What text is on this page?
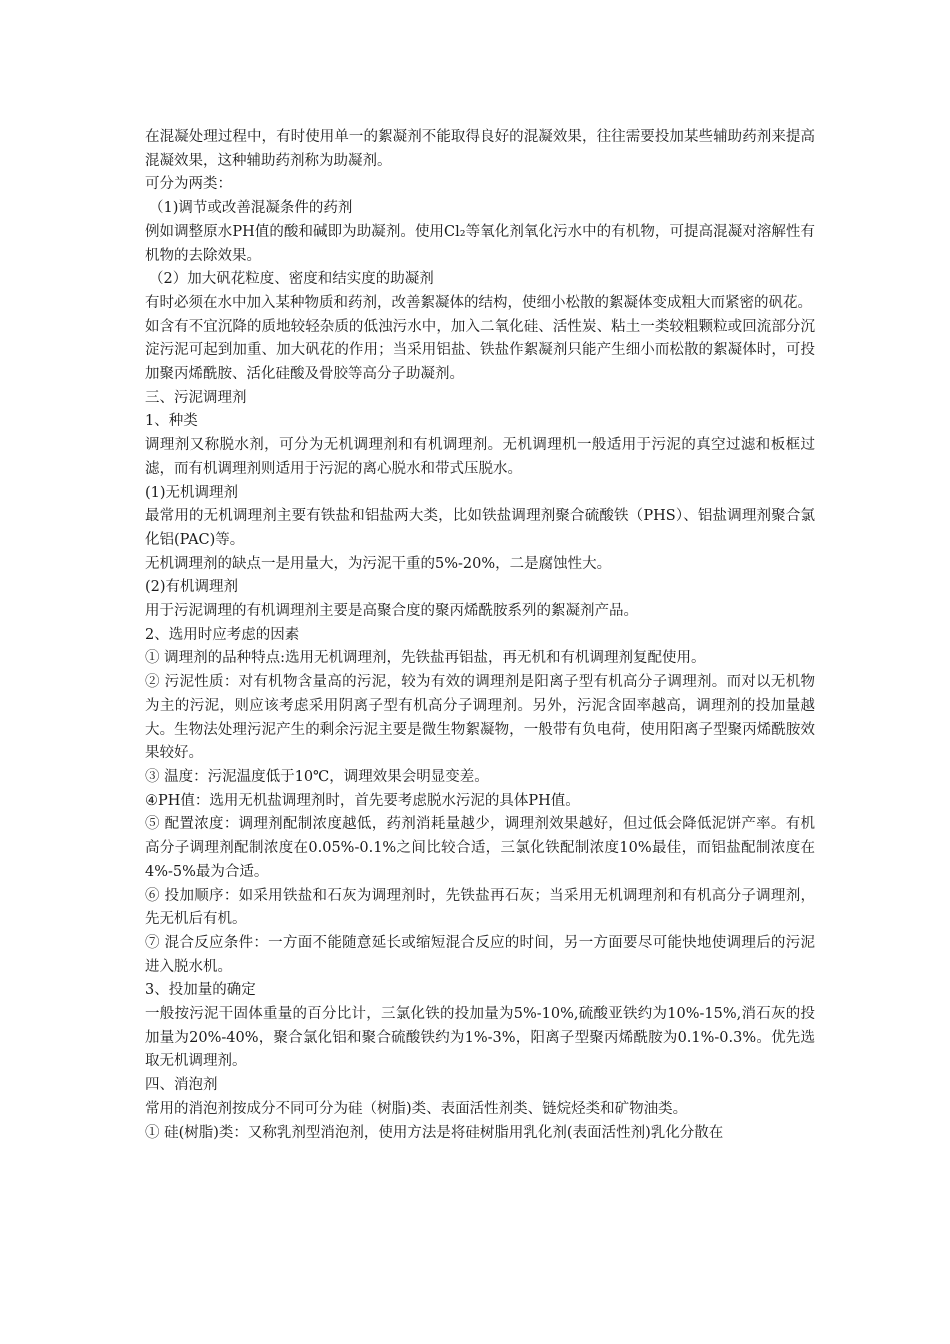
在混凝处理过程中，有时使用单一的絮凝剂不能取得良好的混凝效果，往往需要投加某些辅助药剂来提高混凝效果，这种辅助药剂称为助凝剂。

可分为两类：

（1)调节或改善混凝条件的药剂

例如调整原水PH值的酸和碱即为助凝剂。使用Cl₂等氧化剂氧化污水中的有机物，可提高混凝对溶解性有机物的去除效果。

（2）加大矾花粒度、密度和结实度的助凝剂

有时必须在水中加入某种物质和药剂，改善絮凝体的结构，使细小松散的絮凝体变成粗大而紧密的矾花。

如含有不宜沉降的质地较轻杂质的低浊污水中，加入二氧化硅、活性炭、粘土一类较粗颗粒或回流部分沉淀污泥可起到加重、加大矾花的作用；当采用铝盐、铁盐作絮凝剂只能产生细小而松散的絮凝体时，可投加聚丙烯酰胺、活化硅酸及骨胶等高分子助凝剂。

三、污泥调理剂

1、种类

调理剂又称脱水剂，可分为无机调理剂和有机调理剂。无机调理机一般适用于污泥的真空过滤和板框过滤，而有机调理剂则适用于污泥的离心脱水和带式压脱水。

(1)无机调理剂

最常用的无机调理剂主要有铁盐和铝盐两大类，比如铁盐调理剂聚合硫酸铁（PHS）、铝盐调理剂聚合氯化铝(PAC)等。

无机调理剂的缺点一是用量大，为污泥干重的5%-20%，二是腐蚀性大。

(2)有机调理剂

用于污泥调理的有机调理剂主要是高聚合度的聚丙烯酰胺系列的絮凝剂产品。

2、选用时应考虑的因素

① 调理剂的品种特点:选用无机调理剂，先铁盐再铝盐，再无机和有机调理剂复配使用。

② 污泥性质：对有机物含量高的污泥，较为有效的调理剂是阳离子型有机高分子调理剂。而对以无机物为主的污泥，则应该考虑采用阴离子型有机高分子调理剂。另外，污泥含固率越高，调理剂的投加量越大。生物法处理污泥产生的剩余污泥主要是微生物絮凝物，一般带有负电荷，使用阳离子型聚丙烯酰胺效果较好。

③ 温度：污泥温度低于10℃，调理效果会明显变差。

④PH值：选用无机盐调理剂时，首先要考虑脱水污泥的具体PH值。

⑤ 配置浓度：调理剂配制浓度越低，药剂消耗量越少，调理剂效果越好，但过低会降低泥饼产率。有机高分子调理剂配制浓度在0.05%-0.1%之间比较合适，三氯化铁配制浓度10%最佳，而铝盐配制浓度在4%-5%最为合适。

⑥ 投加顺序：如采用铁盐和石灰为调理剂时，先铁盐再石灰；当采用无机调理剂和有机高分子调理剂，先无机后有机。

⑦ 混合反应条件：一方面不能随意延长或缩短混合反应的时间，另一方面要尽可能快地使调理后的污泥进入脱水机。

3、投加量的确定

一般按污泥干固体重量的百分比计，三氯化铁的投加量为5%-10%,硫酸亚铁约为10%-15%,消石灰的投加量为20%-40%，聚合氯化铝和聚合硫酸铁约为1%-3%，阳离子型聚丙烯酰胺为0.1%-0.3%。优先选取无机调理剂。

四、消泡剂

常用的消泡剂按成分不同可分为硅（树脂)类、表面活性剂类、链烷烃类和矿物油类。

① 硅(树脂)类：又称乳剂型消泡剂，使用方法是将硅树脂用乳化剂(表面活性剂)乳化分散在
